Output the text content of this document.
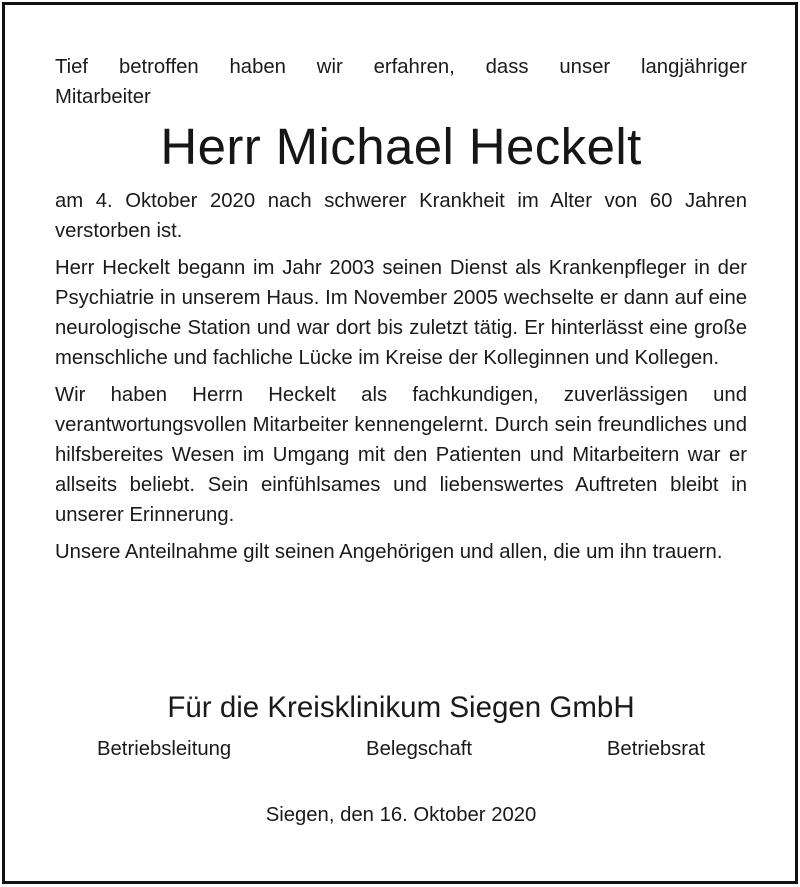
Tief betroffen haben wir erfahren, dass unser langjähriger
Mitarbeiter

Herr Michael Heckelt

am 4. Oktober 2020 nach schwerer Krankheit im Alter von 60 Jahren verstorben ist.

Herr Heckelt begann im Jahr 2003 seinen Dienst als Krankenpfleger in der Psychiatrie in unserem Haus. Im November 2005 wechselte er dann auf eine neurologische Station und war dort bis zuletzt tätig. Er hinterlässt eine große menschliche und fachliche Lücke im Kreise der Kolleginnen und Kollegen.

Wir haben Herrn Heckelt als fachkundigen, zuverlässigen und verantwortungsvollen Mitarbeiter kennengelernt. Durch sein freundliches und hilfsbereites Wesen im Umgang mit den Patienten und Mitarbeitern war er allseits beliebt. Sein einfühlsames und liebenswertes Auftreten bleibt in unserer Erinnerung.

Unsere Anteilnahme gilt seinen Angehörigen und allen, die um ihn trauern.

Für die Kreisklinikum Siegen GmbH

Betriebsleitung	Belegschaft	Betriebsrat

Siegen, den 16. Oktober 2020
